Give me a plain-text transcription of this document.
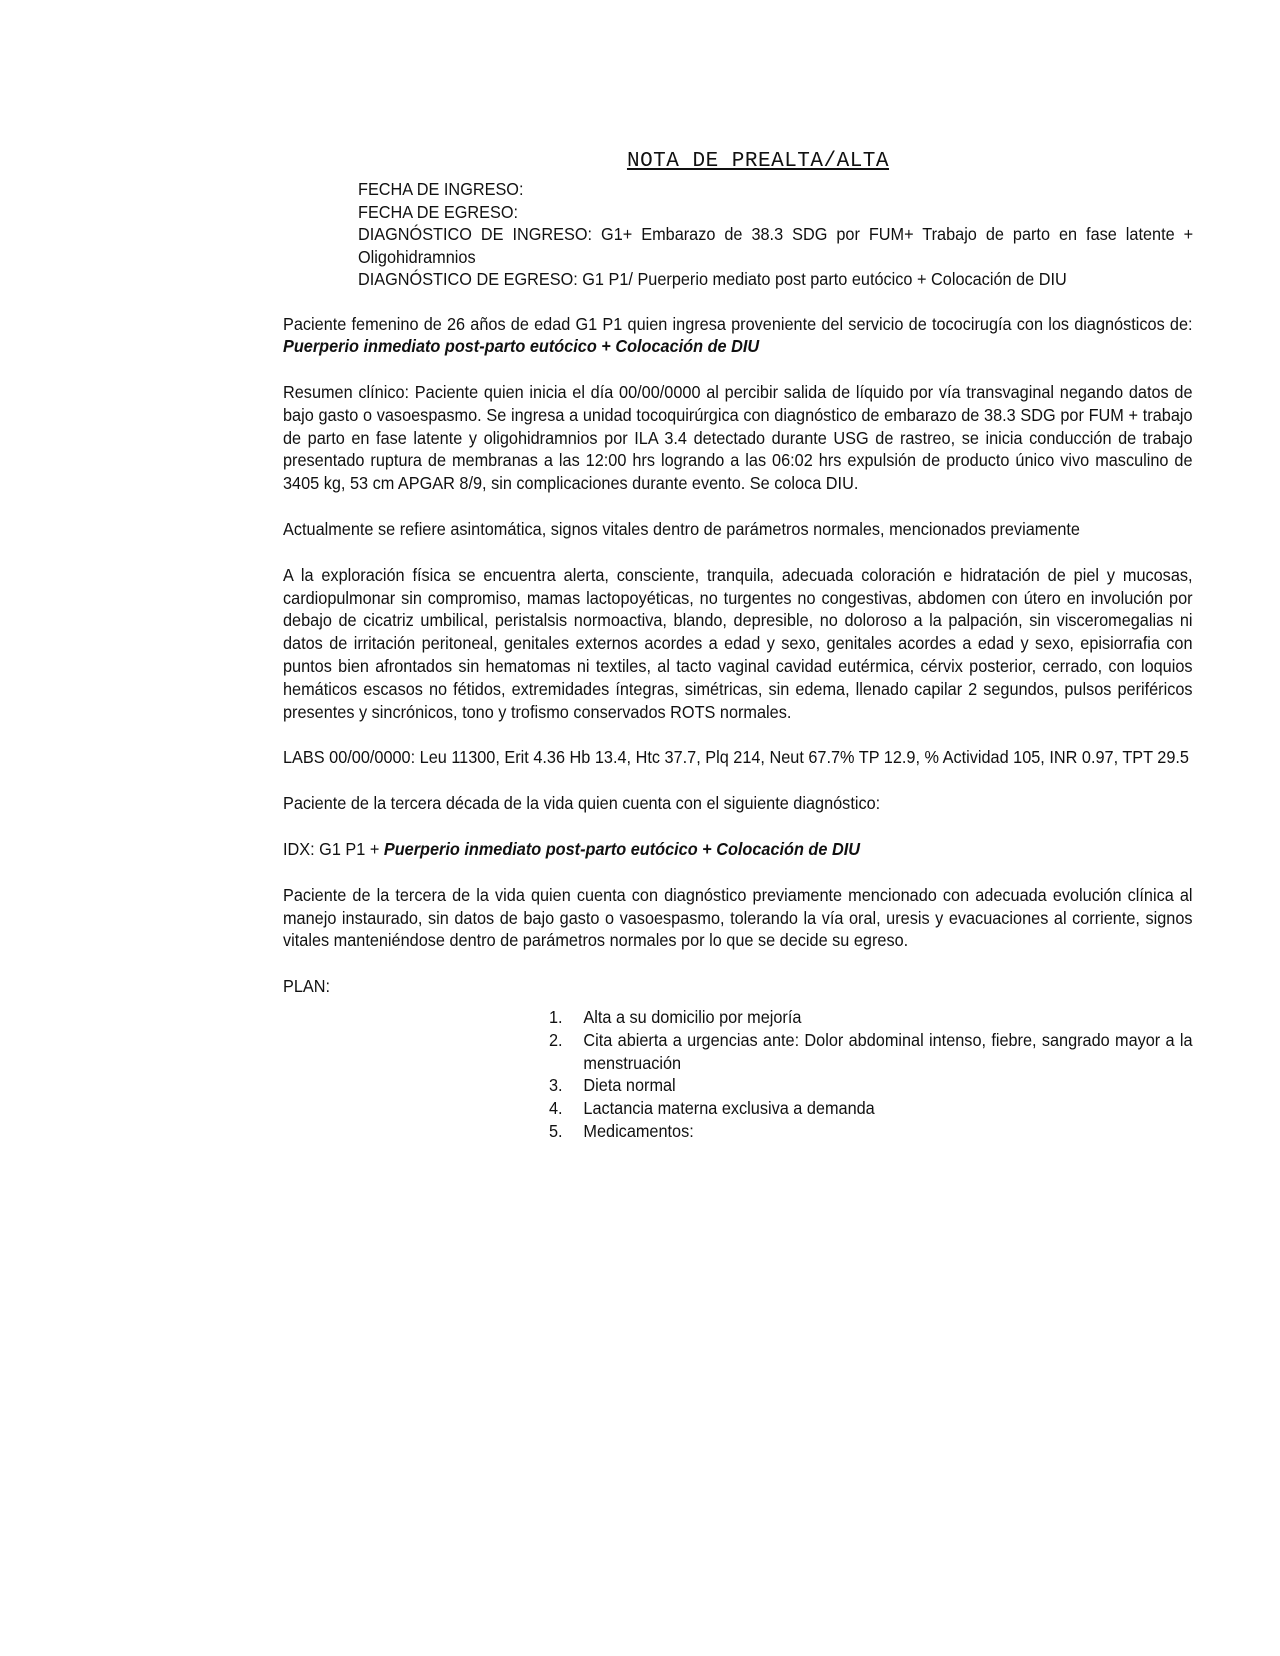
NOTA DE PREALTA/ALTA
FECHA DE INGRESO:
FECHA DE EGRESO:
DIAGNÓSTICO DE INGRESO: G1+ Embarazo de 38.3 SDG por FUM+ Trabajo de parto en fase latente + Oligohidramnios
DIAGNÓSTICO DE EGRESO: G1 P1/ Puerperio mediato post parto eutócico + Colocación de DIU

Paciente femenino de 26 años de edad G1 P1 quien ingresa proveniente del servicio de tococirugía con los diagnósticos de: Puerperio inmediato post-parto eutócico + Colocación de DIU

Resumen clínico: Paciente quien inicia el día 00/00/0000 al percibir salida de líquido por vía transvaginal negando datos de bajo gasto o vasoespasmo. Se ingresa a unidad tocoquirúrgica con diagnóstico de embarazo de 38.3 SDG por FUM + trabajo de parto en fase latente y oligohidramnios por ILA 3.4 detectado durante USG de rastreo, se inicia conducción de trabajo presentado ruptura de membranas a las 12:00 hrs logrando a las 06:02 hrs expulsión de producto único vivo masculino de 3405 kg, 53 cm APGAR 8/9, sin complicaciones durante evento. Se coloca DIU.

Actualmente se refiere asintomática, signos vitales dentro de parámetros normales, mencionados previamente

A la exploración física se encuentra alerta, consciente, tranquila, adecuada coloración e hidratación de piel y mucosas, cardiopulmonar sin compromiso, mamas lactopoyéticas, no turgentes no congestivas, abdomen con útero en involución por debajo de cicatriz umbilical, peristalsis normoactiva, blando, depresible, no doloroso a la palpación, sin visceromegalias ni datos de irritación peritoneal, genitales externos acordes a edad y sexo, genitales acordes a edad y sexo, episiorrafia con puntos bien afrontados sin hematomas ni textiles, al tacto vaginal cavidad eutérmica, cérvix posterior, cerrado, con loquios hemáticos escasos no fétidos, extremidades íntegras, simétricas, sin edema, llenado capilar 2 segundos, pulsos periféricos presentes y sincrónicos, tono y trofismo conservados ROTS normales.

LABS 00/00/0000: Leu 11300, Erit 4.36 Hb 13.4, Htc 37.7, Plq 214, Neut 67.7% TP 12.9, % Actividad 105, INR 0.97, TPT 29.5

Paciente de la tercera década de la vida quien cuenta con el siguiente diagnóstico:

IDX: G1 P1 + Puerperio inmediato post-parto eutócico + Colocación de DIU

Paciente de la tercera de la vida quien cuenta con diagnóstico previamente mencionado con adecuada evolución clínica al manejo instaurado, sin datos de bajo gasto o vasoespasmo, tolerando la vía oral, uresis y evacuaciones al corriente, signos vitales manteniéndose dentro de parámetros normales por lo que se decide su egreso.

PLAN:
1.	Alta a su domicilio por mejoría
2.	Cita abierta a urgencias ante: Dolor abdominal intenso, fiebre, sangrado mayor a la menstruación
3.	Dieta normal
4.	Lactancia materna exclusiva a demanda
5.	Medicamentos:
